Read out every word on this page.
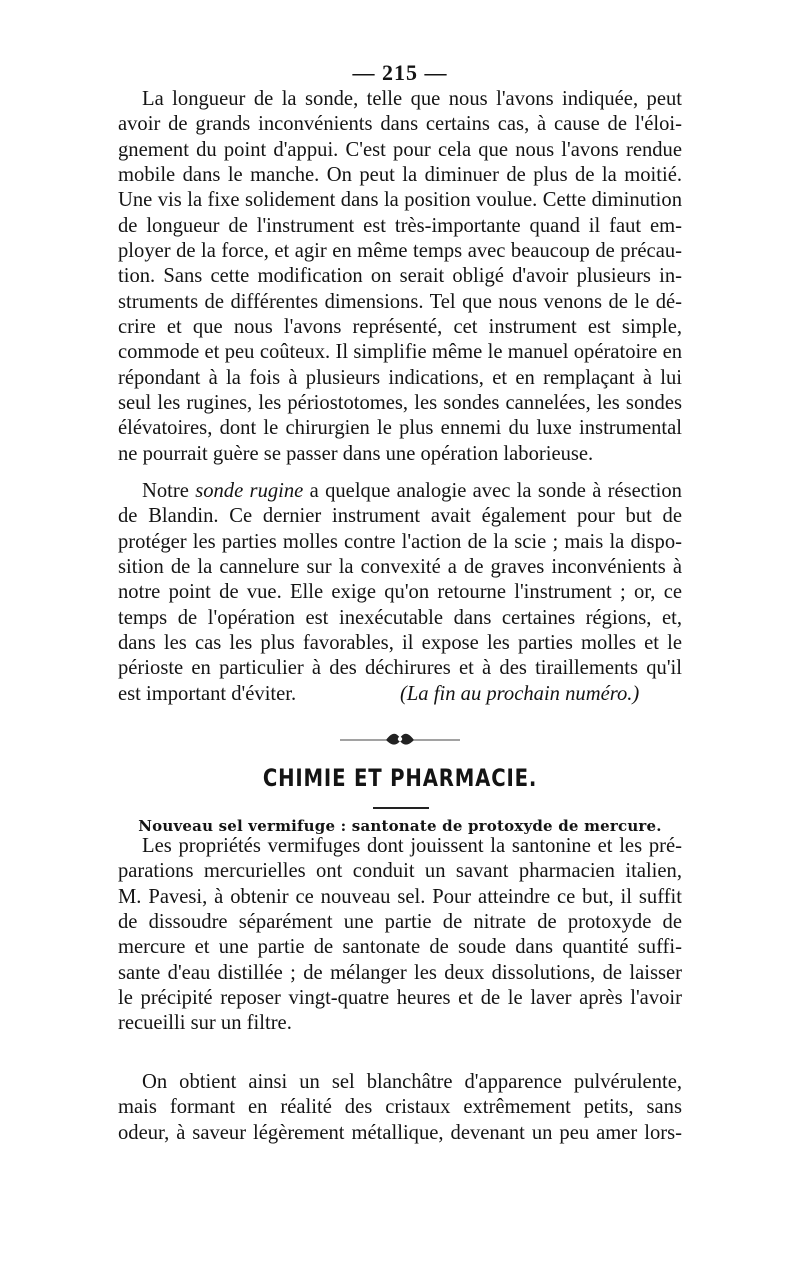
— 215 —
La longueur de la sonde, telle que nous l'avons indiquée, peut
avoir de grands inconvénients dans certains cas, à cause de l'éloi-
gnement du point d'appui. C'est pour cela que nous l'avons rendue
mobile dans le manche. On peut la diminuer de plus de la moitié.
Une vis la fixe solidement dans la position voulue. Cette diminution
de longueur de l'instrument est très-importante quand il faut em-
ployer de la force, et agir en même temps avec beaucoup de précau-
tion. Sans cette modification on serait obligé d'avoir plusieurs in-
struments de différentes dimensions. Tel que nous venons de le dé-
crire et que nous l'avons représenté, cet instrument est simple,
commode et peu coûteux. Il simplifie même le manuel opératoire en
répondant à la fois à plusieurs indications, et en remplaçant à lui
seul les rugines, les périostotomes, les sondes cannelées, les sondes
élévatoires, dont le chirurgien le plus ennemi du luxe instrumental
ne pourrait guère se passer dans une opération laborieuse.
Notre sonde rugine a quelque analogie avec la sonde à résection
de Blandin. Ce dernier instrument avait également pour but de
protéger les parties molles contre l'action de la scie ; mais la dispo-
sition de la cannelure sur la convexité a de graves inconvénients à
notre point de vue. Elle exige qu'on retourne l'instrument ; or, ce
temps de l'opération est inexécutable dans certaines régions, et,
dans les cas les plus favorables, il expose les parties molles et le
périoste en particulier à des déchirures et à des tiraillements qu'il
est important d'éviter.	(La fin au prochain numéro.)
CHIMIE ET PHARMACIE.
Nouveau sel vermifuge : santonate de protoxyde de mercure.
Les propriétés vermifuges dont jouissent la santonine et les pré-
parations mercurielles ont conduit un savant pharmacien italien,
M. Pavesi, à obtenir ce nouveau sel. Pour atteindre ce but, il suffit
de dissoudre séparément une partie de nitrate de protoxyde de
mercure et une partie de santonate de soude dans quantité suffi-
sante d'eau distillée ; de mélanger les deux dissolutions, de laisser
le précipité reposer vingt-quatre heures et de le laver après l'avoir
recueilli sur un filtre.
On obtient ainsi un sel blanchâtre d'apparence pulvérulente,
mais formant en réalité des cristaux extrêmement petits, sans
odeur, à saveur légèrement métallique, devenant un peu amer lors-
